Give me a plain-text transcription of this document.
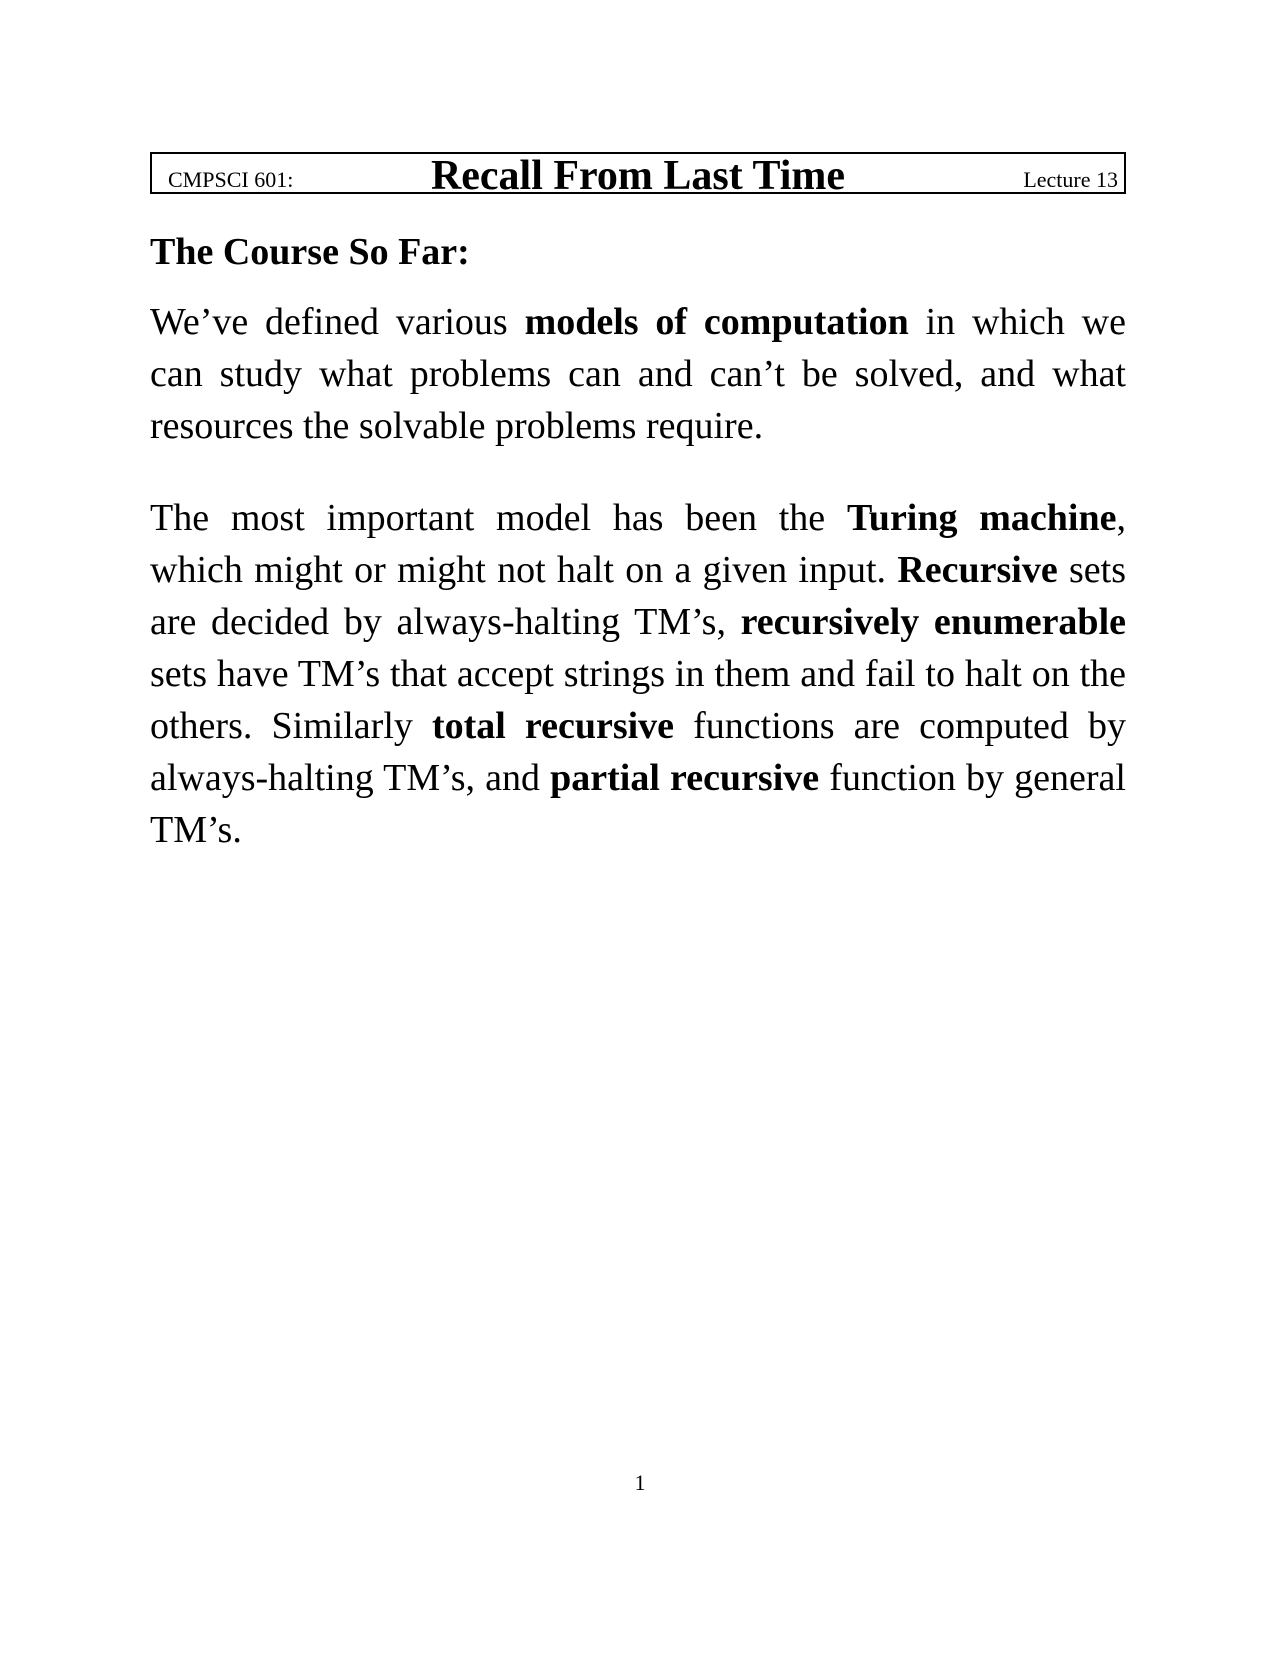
CMPSCI 601:	Recall From Last Time	Lecture 13
The Course So Far:

We’ve defined various models of computation in which we can study what problems can and can’t be solved, and what resources the solvable problems require.

The most important model has been the Turing machine, which might or might not halt on a given input. Recursive sets are decided by always-halting TM’s, recursively enumerable sets have TM’s that accept strings in them and fail to halt on the others. Similarly total recursive functions are computed by always-halting TM’s, and partial recursive function by general TM’s.

1
